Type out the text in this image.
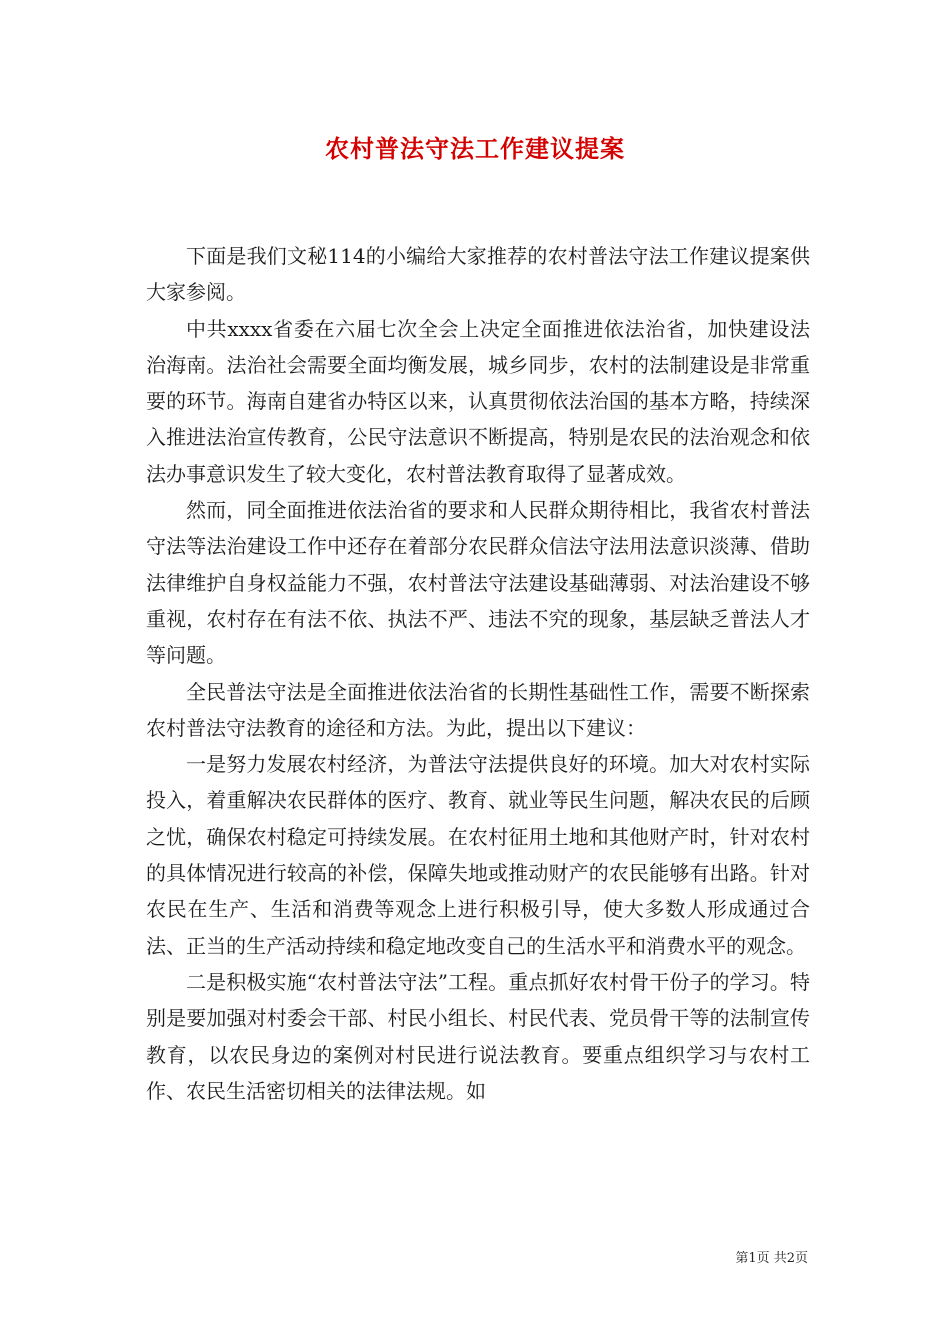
农村普法守法工作建议提案

下面是我们文秘114的小编给大家推荐的农村普法守法工作建议提案供大家参阅。

中共xxxx省委在六届七次全会上决定全面推进依法治省，加快建设法治海南。法治社会需要全面均衡发展，城乡同步，农村的法制建设是非常重要的环节。海南自建省办特区以来，认真贯彻依法治国的基本方略，持续深入推进法治宣传教育，公民守法意识不断提高，特别是农民的法治观念和依法办事意识发生了较大变化，农村普法教育取得了显著成效。

然而，同全面推进依法治省的要求和人民群众期待相比，我省农村普法守法等法治建设工作中还存在着部分农民群众信法守法用法意识淡薄、借助法律维护自身权益能力不强，农村普法守法建设基础薄弱、对法治建设不够重视，农村存在有法不依、执法不严、违法不究的现象，基层缺乏普法人才等问题。

全民普法守法是全面推进依法治省的长期性基础性工作，需要不断探索农村普法守法教育的途径和方法。为此，提出以下建议：

一是努力发展农村经济，为普法守法提供良好的环境。加大对农村实际投入，着重解决农民群体的医疗、教育、就业等民生问题，解决农民的后顾之忧，确保农村稳定可持续发展。在农村征用土地和其他财产时，针对农村的具体情况进行较高的补偿，保障失地或推动财产的农民能够有出路。针对农民在生产、生活和消费等观念上进行积极引导，使大多数人形成通过合法、正当的生产活动持续和稳定地改变自己的生活水平和消费水平的观念。

二是积极实施“农村普法守法”工程。重点抓好农村骨干份子的学习。特别是要加强对村委会干部、村民小组长、村民代表、党员骨干等的法制宣传教育，以农民身边的案例对村民进行说法教育。要重点组织学习与农村工作、农民生活密切相关的法律法规。如

第1页 共2页
